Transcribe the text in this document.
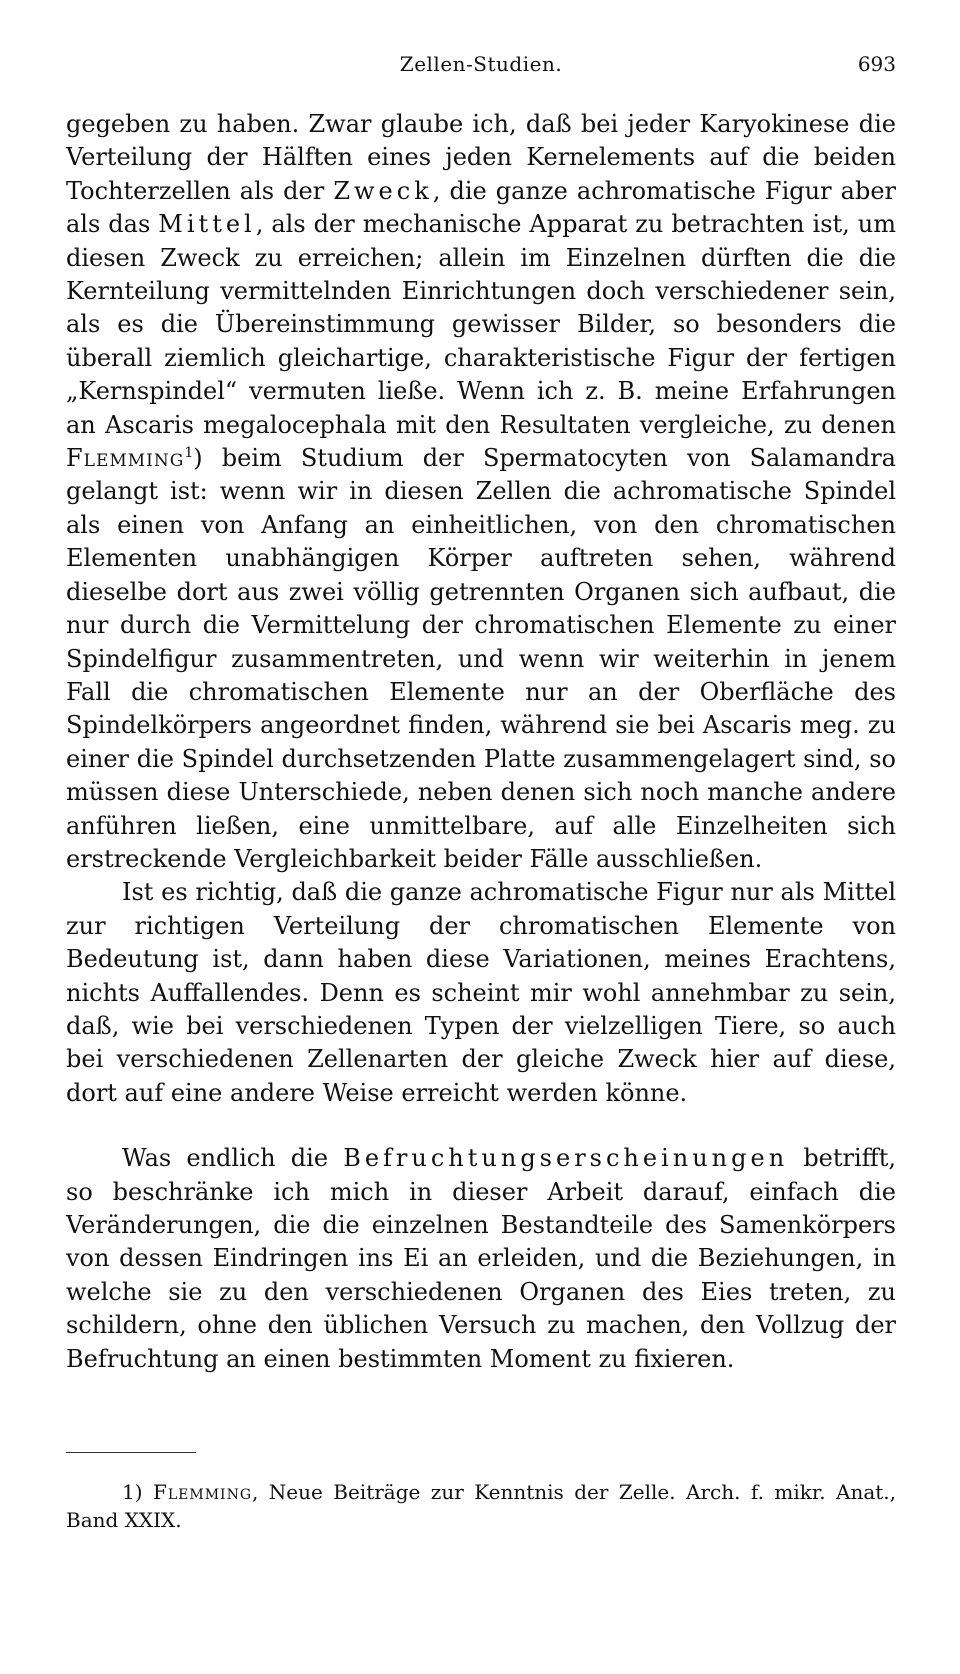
Zellen-Studien.	693

gegeben zu haben. Zwar glaube ich, daß bei jeder Karyokinese die Verteilung der Hälften eines jeden Kernelements auf die beiden Tochterzellen als der Zweck, die ganze achromatische Figur aber als das Mittel, als der mechanische Apparat zu betrachten ist, um diesen Zweck zu erreichen; allein im Einzelnen dürften die die Kernteilung vermittelnden Einrichtungen doch verschiedener sein, als es die Übereinstimmung gewisser Bilder, so besonders die überall ziemlich gleichartige, charakteristische Figur der fertigen „Kernspindel“ vermuten ließe. Wenn ich z. B. meine Erfahrungen an Ascaris megalocephala mit den Resultaten vergleiche, zu denen Flemming$^1$) beim Studium der Spermatocyten von Salamandra gelangt ist: wenn wir in diesen Zellen die achromatische Spindel als einen von Anfang an einheitlichen, von den chromatischen Elementen unabhängigen Körper auftreten sehen, während dieselbe dort aus zwei völlig getrennten Organen sich aufbaut, die nur durch die Vermittelung der chromatischen Elemente zu einer Spindelfigur zusammentreten, und wenn wir weiterhin in jenem Fall die chromatischen Elemente nur an der Oberfläche des Spindelkörpers angeordnet finden, während sie bei Ascaris meg. zu einer die Spindel durchsetzenden Platte zusammengelagert sind, so müssen diese Unterschiede, neben denen sich noch manche andere anführen ließen, eine unmittelbare, auf alle Einzelheiten sich erstreckende Vergleichbarkeit beider Fälle ausschließen.

Ist es richtig, daß die ganze achromatische Figur nur als Mittel zur richtigen Verteilung der chromatischen Elemente von Bedeutung ist, dann haben diese Variationen, meines Erachtens, nichts Auffallendes. Denn es scheint mir wohl annehmbar zu sein, daß, wie bei verschiedenen Typen der vielzelligen Tiere, so auch bei verschiedenen Zellenarten der gleiche Zweck hier auf diese, dort auf eine andere Weise erreicht werden könne.

Was endlich die Befruchtungserscheinungen betrifft, so beschränke ich mich in dieser Arbeit darauf, einfach die Veränderungen, die die einzelnen Bestandteile des Samenkörpers von dessen Eindringen ins Ei an erleiden, und die Beziehungen, in welche sie zu den verschiedenen Organen des Eies treten, zu schildern, ohne den üblichen Versuch zu machen, den Vollzug der Befruchtung an einen bestimmten Moment zu fixieren.

1) Flemming, Neue Beiträge zur Kenntnis der Zelle. Arch. f. mikr. Anat., Band XXIX.
